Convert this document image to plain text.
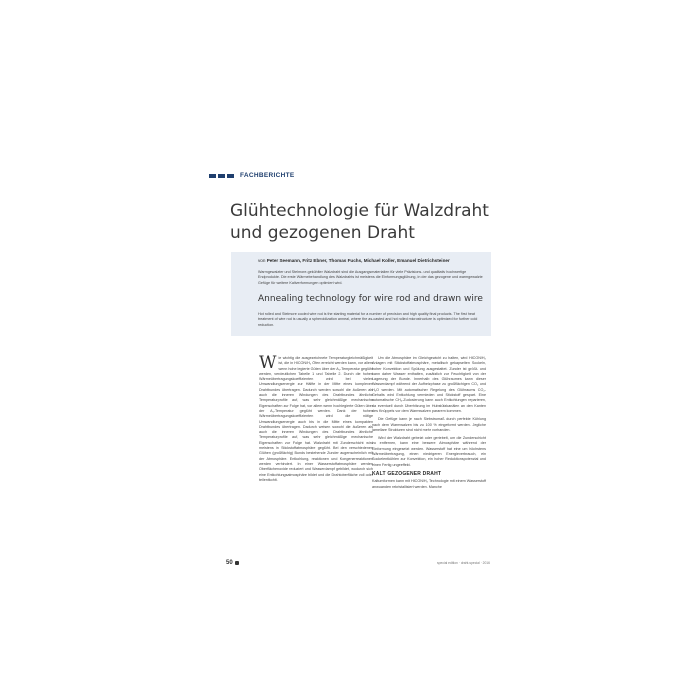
FACHBERICHTE
Glühtechnologie für Walzdraht
und gezogenen Draht
von Peter Seemann, Fritz Ebner, Thomas Fuchs, Michael Koller, Emanuel Dietrichsteiner
Warmgewalzter und Stelmore-gekühlter Walzdraht sind die Ausgangsmaterialien für viele Präzisions- und qualitativ hochwertige Endprodukte. Die erste Wärmebehandlung des Walzdrahts ist meistens die Einformungsglühung, in der das gezogene und warmgewalzte Gefüge für weitere Kaltverformungen optimiert wird.
Annealing technology for wire rod and drawn wire
Hot rolled and Stelmore cooled wire rod is the starting material for a number of precision and high quality final products. The first heat treatment of wire rod is usually a spheroidization anneal, where the as-casted and hot rolled microstructure is optimized for further cold reduction.
W ie wichtig die ausgezeichnete Temperaturgleichmäßigkeit ist, die in HICON/H₂ Öfen erreicht werden kann, vor allem wenn hohe legierte Güten über der A₁-Temperatur geglüht werden, verdeutlichen Tabelle 1 und Tabelle 2. Durch die hohen Wärmeübertragungskoeffizienten wird bei vielen Umwandlungsenergie zur Hälfte in der Mitte eines komplexen Drahtbundes übertragen. Dadurch werden sowohl die äußeren als auch die inneren Windungen des Drahtbundes ähnliche Temperaturprofile auf, was sehr gleichmäßige mechanische Eigenschaften zur Folge hat, vor allem wenn hochlegierte Güten über der A₁-Temperatur geglüht werden. Dank der hohen Wärmeübertragungskoeffizienten wird die nötige Umwandlungsenergie auch bis in die Mitte eines kompakten Drahtbundes übertragen. Dadurch weisen sowohl die äußeren als auch die inneren Windungen des Drahtbundes ähnliche Temperaturprofile auf, was sehr gleichmäßige mechanische Eigenschaften zur Folge hat. Walzdraht mit Zunderschicht wird meistens in Stickstoffatmosphäre geglüht. Bei den verschiedenen Glühen (großflächig) Bunds bestehende Zunder augenscheinlich mit der Atmosphäre. Entkohlung, reaktionen und Kongenerreaktionen werden verhindert. In einer Wasserstoffatmosphäre werden Oberflächenoxide reduziert und Wasserdampf gebildet, wodurch sich eine Entkohlungsatmosphäre bildet und die Drahtoberfläche voll oder teilentkohlt.

Um die Atmosphäre im Gleichgewicht zu halten, wird HICON/H₂ Anlagen mit Stickstoffatmosphäre, metallisch gekapselten Sockeln, hoher Konvektion und Spülung ausgestattet. Zunder ist größt- und kann daher Wasser enthalten, zusätzlich zur Feuchtigkeit von der Lagerung der Bunde. Innerhalb des Glühraumes kann dieser Wasserdampf während der Aufheizphase zu großflächigen CO₂ und H₂O werden. Mit automatischer Regelung des Glühraums CO₂-Gehalts wird Entkohlung vermieden und Stickstoff gespart. Eine automatische CH₄-Zudosierung kann auch Entkohlungen reparieren, da eventuell durch Überhitzung im Hubstützkanälen an den Kanten des Knüppels vor dem Warmwalzen pararem kommen.

Die Gefüge kann je nach Siebstrumaß durch perfekte Kühlung nach dem Warmwalzen bis zu 100 % eingeformt werden. Jegliche lamellare Strukturen sind nicht mehr vorhanden.

Wird der Walzdraht gebeizt oder geriebelt, um die Zunderschicht zu entfernen, kann eine bessere Atmosphäre während der Einformung eingesetzt werden. Wasserstoff hat eine um höchstens Wärmeübertragung, einen niedrigeren Energieverbrauch, ein Sockelentkühlen zur Konvektion, ein hoher Reduktionspotenzial und einen Fertig ungeeffekt.

KALT GEZOGENER DRAHT

Kaltumformen kann mit HICON/H₂ Technologie mit einem Wasserstoff anwuanden rekristallisiert werden. Manche

50	special edition · draht-special · 2016
